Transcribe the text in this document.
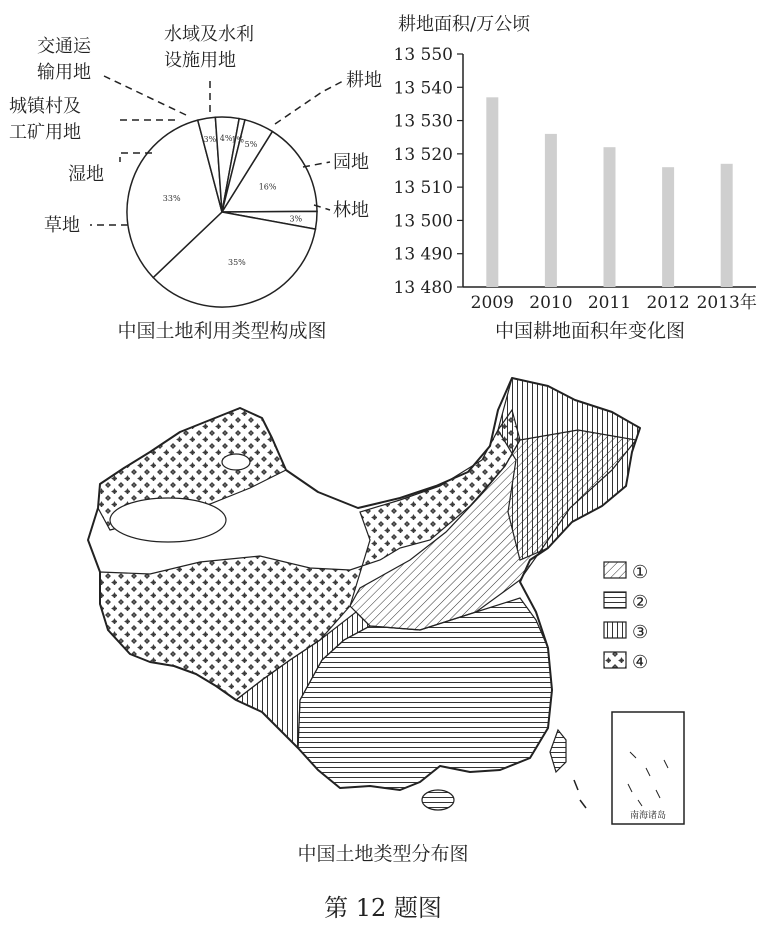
16%
3%
35%
33%
3% 4%
1% 5%
耕地
园地
林地
草地
湿地
城镇村及
工矿用地
交通运
输用地
水域及水利
设施用地
中国土地利用类型构成图
耕地面积/万公顷
13 550
13 540
13 530
13 520
13 510
13 500
13 490
13 480
2009 2010 2011 2012 2013年
中国耕地面积年变化图
南海诸岛
①
②
③
④
中国土地类型分布图
第 12 题图
